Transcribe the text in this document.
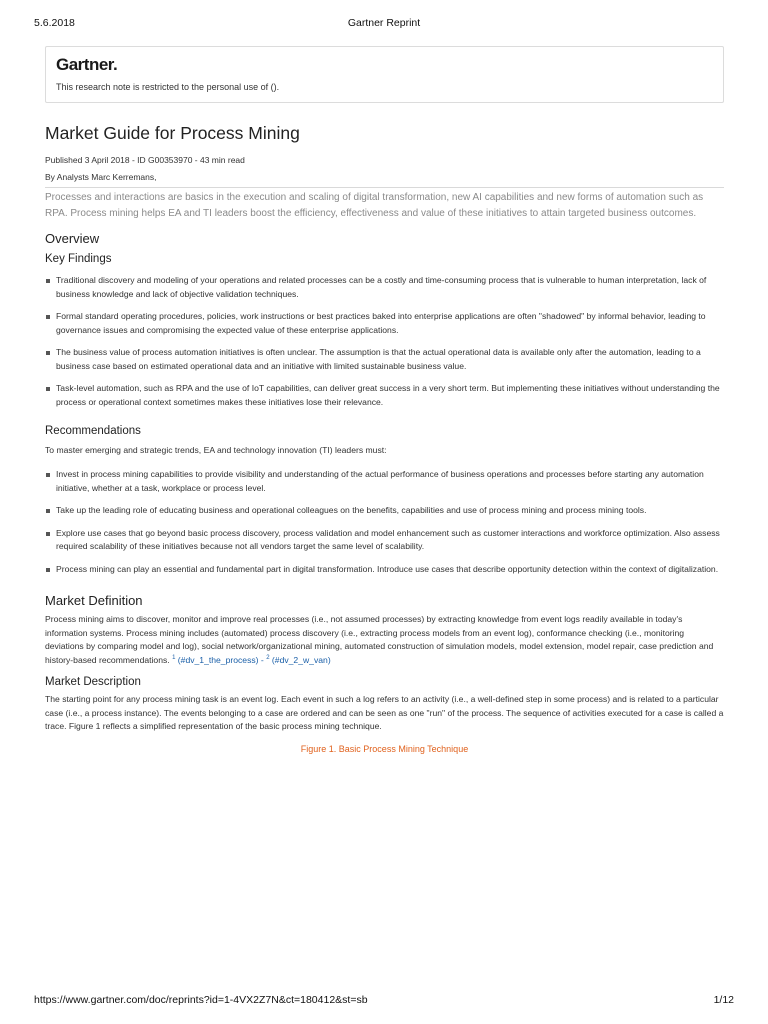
5.6.2018	Gartner Reprint
Gartner.
This research note is restricted to the personal use of ().
Market Guide for Process Mining
Published 3 April 2018 - ID G00353970 - 43 min read
By Analysts Marc Kerremans,
Processes and interactions are basics in the execution and scaling of digital transformation, new AI capabilities and new forms of automation such as RPA. Process mining helps EA and TI leaders boost the efficiency, effectiveness and value of these initiatives to attain targeted business outcomes.
Overview
Key Findings
Traditional discovery and modeling of your operations and related processes can be a costly and time-consuming process that is vulnerable to human interpretation, lack of business knowledge and lack of objective validation techniques.
Formal standard operating procedures, policies, work instructions or best practices baked into enterprise applications are often "shadowed" by informal behavior, leading to governance issues and compromising the expected value of these enterprise applications.
The business value of process automation initiatives is often unclear. The assumption is that the actual operational data is available only after the automation, leading to a business case based on estimated operational data and an initiative with limited sustainable business value.
Task-level automation, such as RPA and the use of IoT capabilities, can deliver great success in a very short term. But implementing these initiatives without understanding the process or operational context sometimes makes these initiatives lose their relevance.
Recommendations
To master emerging and strategic trends, EA and technology innovation (TI) leaders must:
Invest in process mining capabilities to provide visibility and understanding of the actual performance of business operations and processes before starting any automation initiative, whether at a task, workplace or process level.
Take up the leading role of educating business and operational colleagues on the benefits, capabilities and use of process mining and process mining tools.
Explore use cases that go beyond basic process discovery, process validation and model enhancement such as customer interactions and workforce optimization. Also assess required scalability of these initiatives because not all vendors target the same level of scalability.
Process mining can play an essential and fundamental part in digital transformation. Introduce use cases that describe opportunity detection within the context of digitalization.
Market Definition

Process mining aims to discover, monitor and improve real processes (i.e., not assumed processes) by extracting knowledge from event logs readily available in today's information systems. Process mining includes (automated) process discovery (i.e., extracting process models from an event log), conformance checking (i.e., monitoring deviations by comparing model and log), social network/organizational mining, automated construction of simulation models, model extension, model repair, case prediction and history-based recommendations. $^1$ (#dv_1_the_process) - $^2$ (#dv_2_w_van)

Market Description

The starting point for any process mining task is an event log. Each event in such a log refers to an activity (i.e., a well-defined step in some process) and is related to a particular case (i.e., a process instance). The events belonging to a case are ordered and can be seen as one "run" of the process. The sequence of activities executed for a case is called a trace. Figure 1 reflects a simplified representation of the basic process mining technique.

Figure 1. Basic Process Mining Technique
https://www.gartner.com/doc/reprints?id=1-4VX2Z7N&ct=180412&st=sb	1/12
